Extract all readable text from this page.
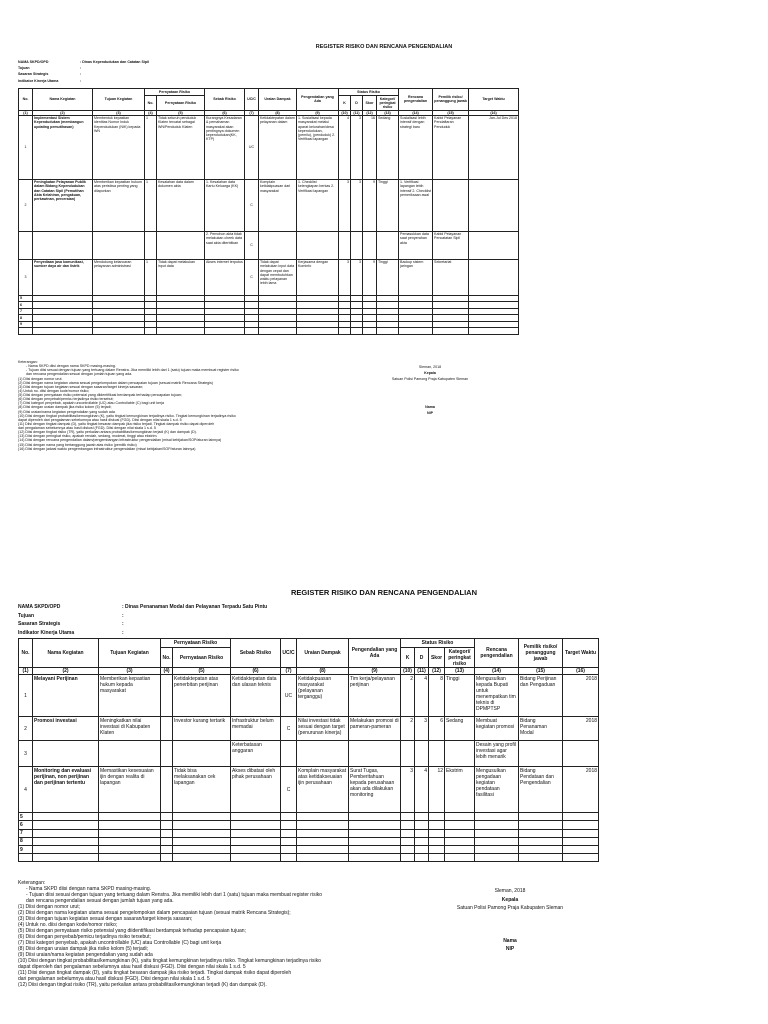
REGISTER RISIKO DAN RENCANA PENGENDALIAN
NAMA SKPD/OPD	: Dinas Kependudukan dan Catatan Sipil
Tujuan	:
Sasaran Strategis	:
Indikator Kinerja Utama	:
No.	Nama Kegiatan	Tujuan Kegiatan	Pernyataan Risiko		Sebab Risiko	UC/C	Uraian Dampak	Pengendalian yang Ada	Status Risiko				Rencana pengendalian	Pemilik risiko/ penanggung jawab	Target Waktu
			No.	Pernyataan Risiko					K	D	Skor	Kategori/ peringkat risiko			
(1)	(2)	(3)	(4)	(5)	(6)	(7)	(8)	(9)	(10)	(11)	(12)	(13)	(14)	(15)	(16)
1	Implementasi Sistem Kependudukan (membangun updating pemutihasan)	Membentuk kepastian identitas Nomor Induk Kependudukan (NIK) kepada WN	1	Tidak seluruh penduduk Klaten tercatat sebagai WN/Penduduk Klaten	Kurangnya Kesadaran & pemahaman masyarakat akan pentingnya dokumen kependudukan(KK, KTP)	UC	Ketidaktepatan dalam pelayanan dalam	1. Sosialisasi kepada masyarakat melalui aparat kelurahan/desa kependudukan, (pemilu), (penduduk) 2. Verifikasi lapangan	4	3	16	Sedang	Sosialisasi lebih intensif dengan strategi baru	Kabid Pelayanan Pendaftaran Penduduk	Jan-Jul Des 2018
2	Peningkatan Pelayanan Publik dalam Bidang Kependudukan dan Catatan Sipil (Pemutihan Akta Kelahiran, pengakuan, perkawinan, perceraian)	Memberikan kepastian hukum atas peristiwa penting yang dilaporkan	1	Kesalahan data dalam dokumen akta	1. Kesalahan data Kartu Keluarga (KK)	C	Komplain ketidakpuasan dari masyarakat	1. Checklist kelengkapan berkas 2. Verifikasi lapangan	3	3	9	Tinggi	1. Verifikasi lapangan lebih intensif 2. Checklist pemeriksaan awal		
					2. Pemohon akta tidak melakukan cheek data saat akta diterbitkan	C							Pemasukkan data saat penyerahan akta	Kabid Pelayanan Pencatatan Sipil	
3	Penyediaan jasa komunikasi, sumber daya air dan listrik	Mendukung kelancaran pelayanan administrasi	1	Tidak dapat melakukan input data	Akses internet terputus	C	Tidak dapat melakukan input data dengan cepat dan dapat membutuhkan waktu pelayanan lebih lama	Kerjasama dengan Kominfo	3	3	9	Tinggi	Backup sistem jaringan	Sekretariat	
5															
6															
7															
8															
9															

Keterangan:
- Nama SKPD diisi dengan nama SKPD masing-masing.
- Tujuan diisi sesuai dengan tujuan yang tertuang dalam Renstra. Jika memiliki lebih dari 1 (satu) tujuan maka membuat register risiko
dan rencana pengendalian sesuai dengan jumlah tujuan yang ada.
(1) Diisi dengan nomor urut.
(2) Diisi dengan nama kegiatan utama sesuai pengelompokan dalam pencapaian tujuan (sesuai matrik Rencana Strategis)
(3) Diisi dengan tujuan kegiatan sesuai dengan sasaran/target kinerja sasaran;
(4) Untuk no. diisi dengan kode/nomor risiko;
(5) Diisi dengan pernyataan risiko potensial yang diidentifikasi berdampak terhadap pencapaian tujuan;
(6) Diisi dengan penyebab/pemicu terjadinya risiko tersebut;
(7) Diisi kategori penyebab, apakah uncontrollable (UC) atau Controllable (C) bagi unit kerja
(8) Diisi dengan uraian dampak jika risiko kolom (5) terjadi;
(9) Diisi uraian/nama kegiatan pengendalian yang sudah ada
(10) Diisi dengan tingkat probabilitas/kemungkinan (K), yaitu tingkat kemungkinan terjadinya risiko. Tingkat kemungkinan terjadinya risiko
dapat diperoleh dari pengalaman sebelumnya atau hasil diskusi (FGD). Diisi dengan nilai skala 1 s.d. 5
(11) Diisi dengan tingkat dampak (D), yaitu tingkat besaran dampak jika risiko terjadi. Tingkat dampak risiko dapat diperoleh
dari pengalaman sebelumnya atau hasil diskusi (FGD). Diisi dengan nilai skala 1 s.d. 5
(12) Diisi dengan tingkat risiko (TR), yaitu perkalian antara probabilitas/kemungkinan terjadi (K) dan dampak (D).
(13) Diisi dengan peringkat risiko, apakah rendah, sedang, moderat, tinggi atau ekstrim.
(14) Diisi dengan rencana pengendalian dalam/pengembangan infrastruktur pengendalian (misal kebijakan/SOP/aturan lainnya)
(15) Diisi dengan nama yang bertanggung jawab atas risiko (pemilik risiko)
(16) Diisi dengan jadwal waktu pengembangan infrastruktur pengendalian (misal kebijakan/SOP/aturan lainnya)
Sleman, 2018
Kepala
Satuan Polisi Pamong Praja Kabupaten Sleman
Nama
NIP
REGISTER RISIKO DAN RENCANA PENGENDALIAN
NAMA SKPD/OPD	: Dinas Penanaman Modal dan Pelayanan Terpadu Satu Pintu
Tujuan	:
Sasaran Strategis	:
Indikator Kinerja Utama	:
No.	Nama Kegiatan	Tujuan Kegiatan	Pernyataan Risiko		Sebab Risiko	UC/C	Uraian Dampak	Pengendalian yang Ada	Status Risiko				Rencana pengendalian	Pemilik risiko/ penanggung jawab	Target Waktu
			No.	Pernyataan Risiko					K	D	Skor	Kategori/ peringkat risiko			
(1)	(2)	(3)	(4)	(5)	(6)	(7)	(8)	(9)	(10)	(11)	(12)	(13)	(14)	(15)	(16)
1	Melayani Perijinan	Memberikan kepastian hukum kepada masyarakat		Ketidaktepatan atas penerbitan perijinan	Ketidaktepatan data dan ulasan teknis	UC	Ketidakpuasan masyarakat (pelayanan terganggu)	Tim kerja/pelayanan perijinan	2	4	8	Tinggi	Mengusulkan kepada Bupati untuk menempatkan tim teknis di DPMPTSP	Bidang Perijinan dan Pengaduan	2018
2	Promosi investasi	Meningkatkan nilai investasi di Kabupaten Klaten		Investor kurang tertarik	Infrastruktur belum memadai	C	Nilai investasi tidak sesuai dengan target (penurunan kinerja)	Melakukan promosi di pameran-pameran	2	3	6	Sedang	Membuat kegiatan promosi	Bidang Penanaman Modal	2018
3					Keterbatasan anggaran								Desain yang profil investasi agar lebih menarik		
4	Monitoring dan evaluasi perijinan, non perijinan dan perijinan tertentu	Memastikan kesesuaian ijin dengan realita di lapangan		Tidak bisa melaksanakan cek lapangan	Akses dibatasi oleh pihak perusahaan	C	Komplain masyarakat atas ketidakseuaian ijin perusahaan	Surat Tugas, Pemberitahuan kepada perusahaan akan ada dilakukan monitoring	3	4	12	Ekstrim	Mengusulkan pengadaan kegiatan pendataan fasilitasi	Bidang Pendataan dan Pengendalian	2018
5															
6															
7															
8															
9															

Keterangan:
- Nama SKPD diisi dengan nama SKPD masing-masing.
- Tujuan diisi sesuai dengan tujuan yang tertuang dalam Renstra. Jika memiliki lebih dari 1 (satu) tujuan maka membuat register risiko
dan rencana pengendalian sesuai dengan jumlah tujuan yang ada.
(1) Diisi dengan nomor urut;
(2) Diisi dengan nama kegiatan utama sesuai pengelompokan dalam pencapaian tujuan (sesuai matrik Rencana Strategis);
(3) Diisi dengan tujuan kegiatan sesuai dengan sasaran/target kinerja sasaran;
(4) Untuk no. diisi dengan kode/nomor risiko;
(5) Diisi dengan pernyataan risiko potensial yang diidentifikasi berdampak terhadap pencapaian tujuan;
(6) Diisi dengan penyebab/pemicu terjadinya risiko tersebut;
(7) Diisi kategori penyebab, apakah uncontrollable (UC) atau Controllable (C) bagi unit kerja
(8) Diisi dengan uraian dampak jika risiko kolom (5) terjadi;
(9) Diisi uraian/nama kegiatan pengendalian yang sudah ada
(10) Diisi dengan tingkat probabilitas/kemungkinan (K), yaitu tingkat kemungkinan terjadinya risiko. Tingkat kemungkinan terjadinya risiko
dapat diperoleh dari pengalaman sebelumnya atau hasil diskusi (FGD). Diisi dengan nilai skala 1 s.d. 5
(11) Diisi dengan tingkat dampak (D), yaitu tingkat besaran dampak jika risiko terjadi. Tingkat dampak risiko dapat diperoleh
dari pengalaman sebelumnya atau hasil diskusi (FGD). Diisi dengan nilai skala 1 s.d. 5
(12) Diisi dengan tingkat risiko (TR), yaitu perkalian antara probabilitas/kemungkinan terjadi (K) dan dampak (D).
Sleman, 2018
Kepala
Satuan Polisi Pamong Praja Kabupaten Sleman
Nama
NIP
